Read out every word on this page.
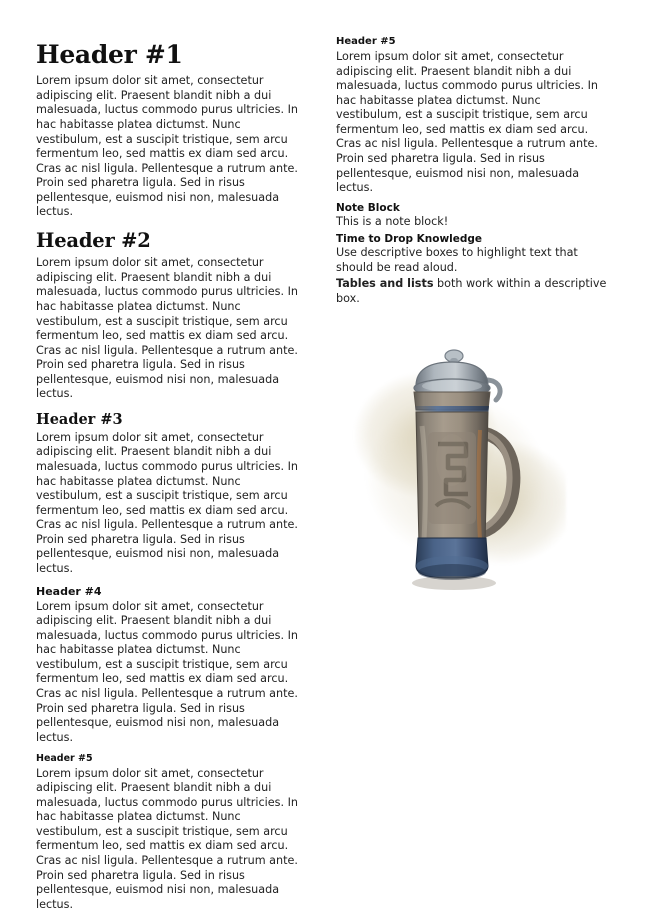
Header #1

Lorem ipsum dolor sit amet, consectetur adipiscing elit. Praesent blandit nibh a dui malesuada, luctus commodo purus ultricies. In hac habitasse platea dictumst. Nunc vestibulum, est a suscipit tristique, sem arcu fermentum leo, sed mattis ex diam sed arcu. Cras ac nisl ligula. Pellentesque a rutrum ante. Proin sed pharetra ligula. Sed in risus pellentesque, euismod nisi non, malesuada lectus.

Header #2

Lorem ipsum dolor sit amet, consectetur adipiscing elit. Praesent blandit nibh a dui malesuada, luctus commodo purus ultricies. In hac habitasse platea dictumst. Nunc vestibulum, est a suscipit tristique, sem arcu fermentum leo, sed mattis ex diam sed arcu. Cras ac nisl ligula. Pellentesque a rutrum ante. Proin sed pharetra ligula. Sed in risus pellentesque, euismod nisi non, malesuada lectus.

Header #3

Lorem ipsum dolor sit amet, consectetur adipiscing elit. Praesent blandit nibh a dui malesuada, luctus commodo purus ultricies. In hac habitasse platea dictumst. Nunc vestibulum, est a suscipit tristique, sem arcu fermentum leo, sed mattis ex diam sed arcu. Cras ac nisl ligula. Pellentesque a rutrum ante. Proin sed pharetra ligula. Sed in risus pellentesque, euismod nisi non, malesuada lectus.

Header #4

Lorem ipsum dolor sit amet, consectetur adipiscing elit. Praesent blandit nibh a dui malesuada, luctus commodo purus ultricies. In hac habitasse platea dictumst. Nunc vestibulum, est a suscipit tristique, sem arcu fermentum leo, sed mattis ex diam sed arcu. Cras ac nisl ligula. Pellentesque a rutrum ante. Proin sed pharetra ligula. Sed in risus pellentesque, euismod nisi non, malesuada lectus.

Header #5

Lorem ipsum dolor sit amet, consectetur adipiscing elit. Praesent blandit nibh a dui malesuada, luctus commodo purus ultricies. In hac habitasse platea dictumst. Nunc vestibulum, est a suscipit tristique, sem arcu fermentum leo, sed mattis ex diam sed arcu. Cras ac nisl ligula. Pellentesque a rutrum ante. Proin sed pharetra ligula. Sed in risus pellentesque, euismod nisi non, malesuada lectus.

Header #5

Lorem ipsum dolor sit amet, consectetur adipiscing elit. Praesent blandit nibh a dui malesuada, luctus commodo purus ultricies. In hac habitasse platea dictumst. Nunc vestibulum, est a suscipit tristique, sem arcu fermentum leo, sed mattis ex diam sed arcu. Cras ac nisl ligula. Pellentesque a rutrum ante. Proin sed pharetra ligula. Sed in risus pellentesque, euismod nisi non, malesuada lectus.

Note Block
This is a note block!
Time to Drop Knowledge
Use descriptive boxes to highlight text that should be read aloud.
Tables and lists both work within a descriptive box.
